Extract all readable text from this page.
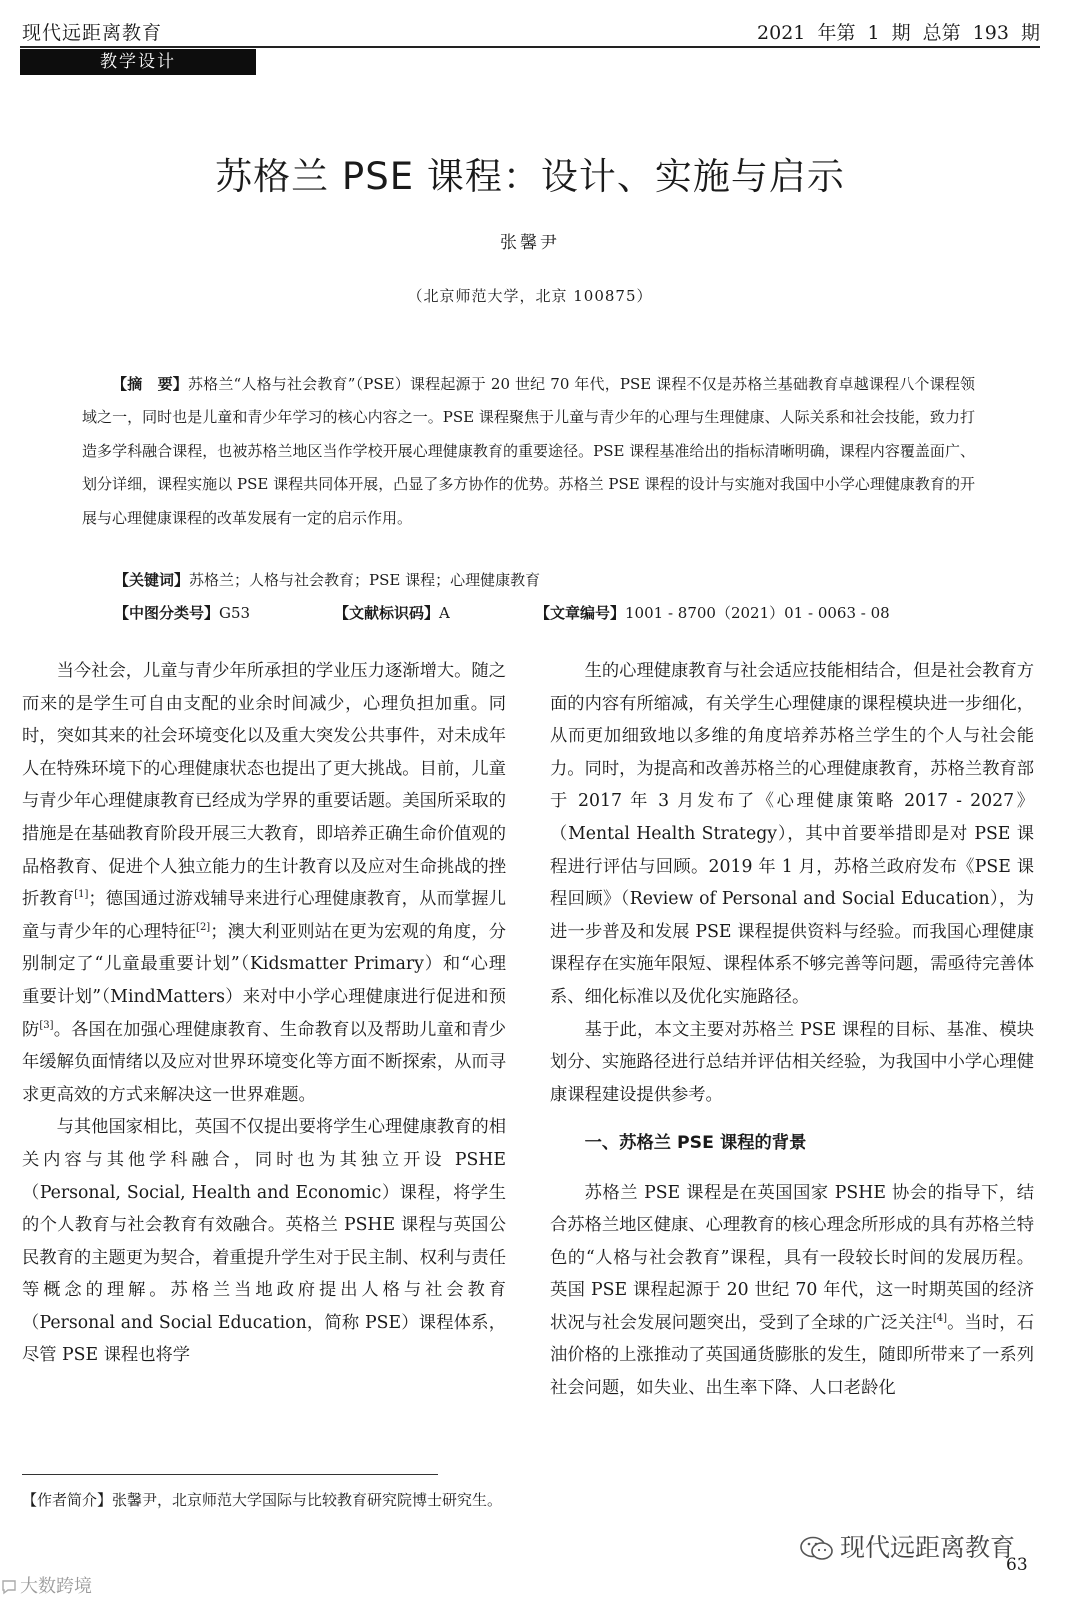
现代远距离教育	2021 年第 1 期 总第 193 期
教学设计
苏格兰 PSE 课程：设计、实施与启示
张馨尹
（北京师范大学，北京 100875）

【摘　要】苏格兰“人格与社会教育”（PSE）课程起源于 20 世纪 70 年代，PSE 课程不仅是苏格兰基础教育卓越课程八个课程领域之一，同时也是儿童和青少年学习的核心内容之一。PSE 课程聚焦于儿童与青少年的心理与生理健康、人际关系和社会技能，致力打造多学科融合课程，也被苏格兰地区当作学校开展心理健康教育的重要途径。PSE 课程基准给出的指标清晰明确，课程内容覆盖面广、划分详细，课程实施以 PSE 课程共同体开展，凸显了多方协作的优势。苏格兰 PSE 课程的设计与实施对我国中小学心理健康教育的开展与心理健康课程的改革发展有一定的启示作用。

【关键词】苏格兰；人格与社会教育；PSE 课程；心理健康教育
【中图分类号】G53	【文献标识码】A	【文章编号】1001 - 8700（2021）01 - 0063 - 08

当今社会，儿童与青少年所承担的学业压力逐渐增大。随之而来的是学生可自由支配的业余时间减少，心理负担加重。同时，突如其来的社会环境变化以及重大突发公共事件，对未成年人在特殊环境下的心理健康状态也提出了更大挑战。目前，儿童与青少年心理健康教育已经成为学界的重要话题。美国所采取的措施是在基础教育阶段开展三大教育，即培养正确生命价值观的品格教育、促进个人独立能力的生计教育以及应对生命挑战的挫折教育[1]；德国通过游戏辅导来进行心理健康教育，从而掌握儿童与青少年的心理特征[2]；澳大利亚则站在更为宏观的角度，分别制定了“儿童最重要计划”（Kidsmatter Primary）和“心理重要计划”（MindMatters）来对中小学心理健康进行促进和预防[3]。各国在加强心理健康教育、生命教育以及帮助儿童和青少年缓解负面情绪以及应对世界环境变化等方面不断探索，从而寻求更高效的方式来解决这一世界难题。

与其他国家相比，英国不仅提出要将学生心理健康教育的相关内容与其他学科融合，同时也为其独立开设 PSHE（Personal, Social, Health and Economic）课程，将学生的个人教育与社会教育有效融合。英格兰 PSHE 课程与英国公民教育的主题更为契合，着重提升学生对于民主制、权利与责任等概念的理解。苏格兰当地政府提出人格与社会教育（Personal and Social Education，简称 PSE）课程体系，尽管 PSE 课程也将学

生的心理健康教育与社会适应技能相结合，但是社会教育方面的内容有所缩减，有关学生心理健康的课程模块进一步细化，从而更加细致地以多维的角度培养苏格兰学生的个人与社会能力。同时，为提高和改善苏格兰的心理健康教育，苏格兰教育部于 2017 年 3 月发布了《心理健康策略 2017 - 2027》（Mental Health Strategy），其中首要举措即是对 PSE 课程进行评估与回顾。2019 年 1 月，苏格兰政府发布《PSE 课程回顾》（Review of Personal and Social Education），为进一步普及和发展 PSE 课程提供资料与经验。而我国心理健康课程存在实施年限短、课程体系不够完善等问题，需亟待完善体系、细化标准以及优化实施路径。

基于此，本文主要对苏格兰 PSE 课程的目标、基准、模块划分、实施路径进行总结并评估相关经验，为我国中小学心理健康课程建设提供参考。

一、苏格兰 PSE 课程的背景

苏格兰 PSE 课程是在英国国家 PSHE 协会的指导下，结合苏格兰地区健康、心理教育的核心理念所形成的具有苏格兰特色的“人格与社会教育”课程，具有一段较长时间的发展历程。英国 PSE 课程起源于 20 世纪 70 年代，这一时期英国的经济状况与社会发展问题突出，受到了全球的广泛关注[4]。当时，石油价格的上涨推动了英国通货膨胀的发生，随即所带来了一系列社会问题，如失业、出生率下降、人口老龄化

【作者简介】张馨尹，北京师范大学国际与比较教育研究院博士研究生。
现代远距离教育
63
大数跨境
